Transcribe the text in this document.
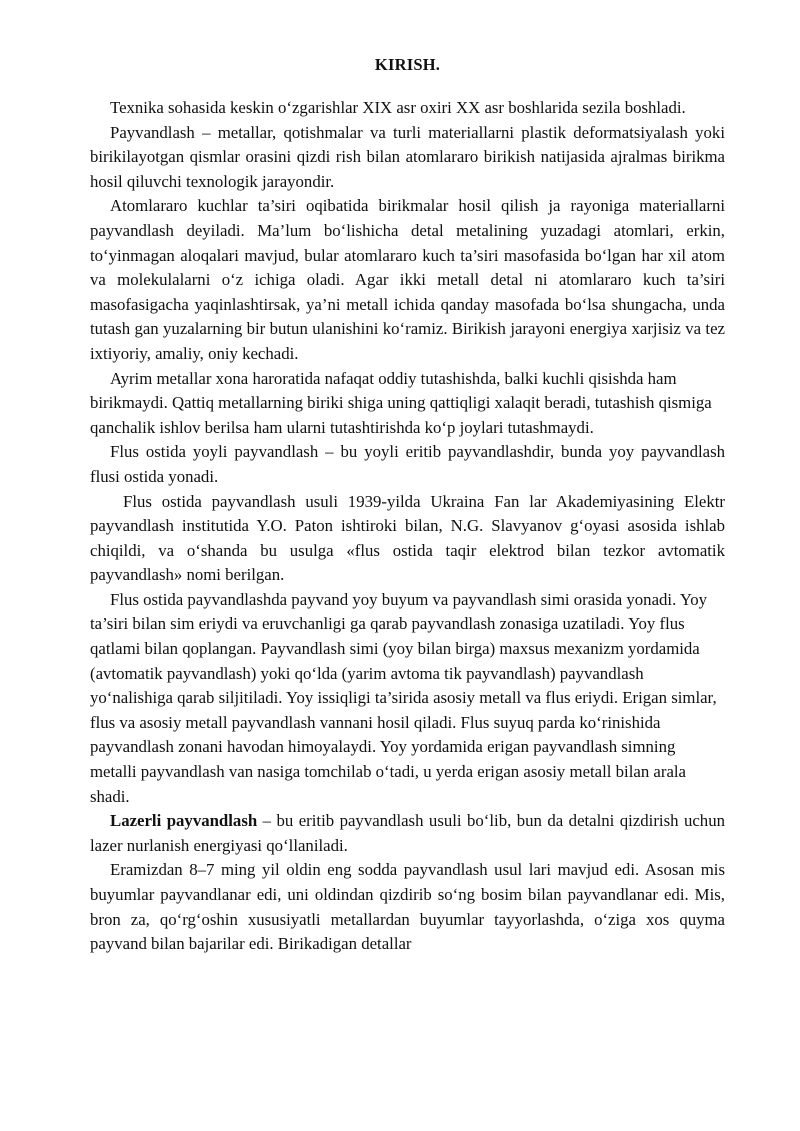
KIRISH.

Texnika sohasida keskin o‘zgarishlar XIX asr oxiri XX asr boshlarida sezila boshladi.

Payvandlash – metallar, qotishmalar va turli materiallarni plastik deformatsiyalash yoki birikilayotgan qismlar orasini qizdi rish bilan atomlararo birikish natijasida ajralmas birikma hosil qiluvchi texnologik jarayondir.

Atomlararo kuchlar ta’siri oqibatida birikmalar hosil qilish ja rayoniga materiallarni payvandlash deyiladi. Ma’lum bo‘lishicha detal metalining yuzadagi atomlari, erkin, to‘yinmagan aloqalari mavjud, bular atomlararo kuch ta’siri masofasida bo‘lgan har xil atom va molekulalarni o‘z ichiga oladi. Agar ikki metall detal ni atomlararo kuch ta’siri masofasigacha yaqinlashtirsak, ya’ni metall ichida qanday masofada bo‘lsa shungacha, unda tutash gan yuzalarning bir butun ulanishini ko‘ramiz. Birikish jarayoni energiya xarjisiz va tez ixtiyoriy, amaliy, oniy kechadi.

Ayrim metallar xona haroratida nafaqat oddiy tutashishda, balki kuchli qisishda ham birikmaydi. Qattiq metallarning biriki shiga uning qattiqligi xalaqit beradi, tutashish qismiga qanchalik ishlov berilsa ham ularni tutashtirishda ko‘p joylari tutashmaydi.

Flus ostida yoyli payvandlash – bu yoyli eritib payvandlashdir, bunda yoy payvandlash flusi ostida yonadi.

Flus ostida payvandlash usuli 1939-yilda Ukraina Fan lar Akademiyasining Elektr payvandlash institutida Y.O. Paton ishtiroki bilan, N.G. Slavyanov g‘oyasi asosida ishlab chiqildi, va o‘shanda bu usulga «flus ostida taqir elektrod bilan tezkor avtomatik payvandlash» nomi berilgan.

Flus ostida payvandlashda payvand yoy buyum va payvandlash simi orasida yonadi. Yoy ta’siri bilan sim eriydi va eruvchanligi ga qarab payvandlash zonasiga uzatiladi. Yoy flus qatlami bilan qoplangan. Payvandlash simi (yoy bilan birga) maxsus mexanizm yordamida (avtomatik payvandlash) yoki qo‘lda (yarim avtoma tik payvandlash) payvandlash yo‘nalishiga qarab siljitiladi. Yoy issiqligi ta’sirida asosiy metall va flus eriydi. Erigan simlar, flus va asosiy metall payvandlash vannani hosil qiladi. Flus suyuq parda ko‘rinishida payvandlash zonani havodan himoyalaydi. Yoy yordamida erigan payvandlash simning metalli payvandlash van nasiga tomchilab o‘tadi, u yerda erigan asosiy metall bilan arala shadi.

Lazerli payvandlash – bu eritib payvandlash usuli bo‘lib, bun da detalni qizdirish uchun lazer nurlanish energiyasi qo‘llaniladi.

Eramizdan 8–7 ming yil oldin eng sodda payvandlash usul lari mavjud edi. Asosan mis buyumlar payvandlanar edi, uni oldindan qizdirib so‘ng bosim bilan payvandlanar edi. Mis, bron za, qo‘rg‘oshin xususiyatli metallardan buyumlar tayyorlashda, o‘ziga xos quyma payvand bilan bajarilar edi. Birikadigan detallar
